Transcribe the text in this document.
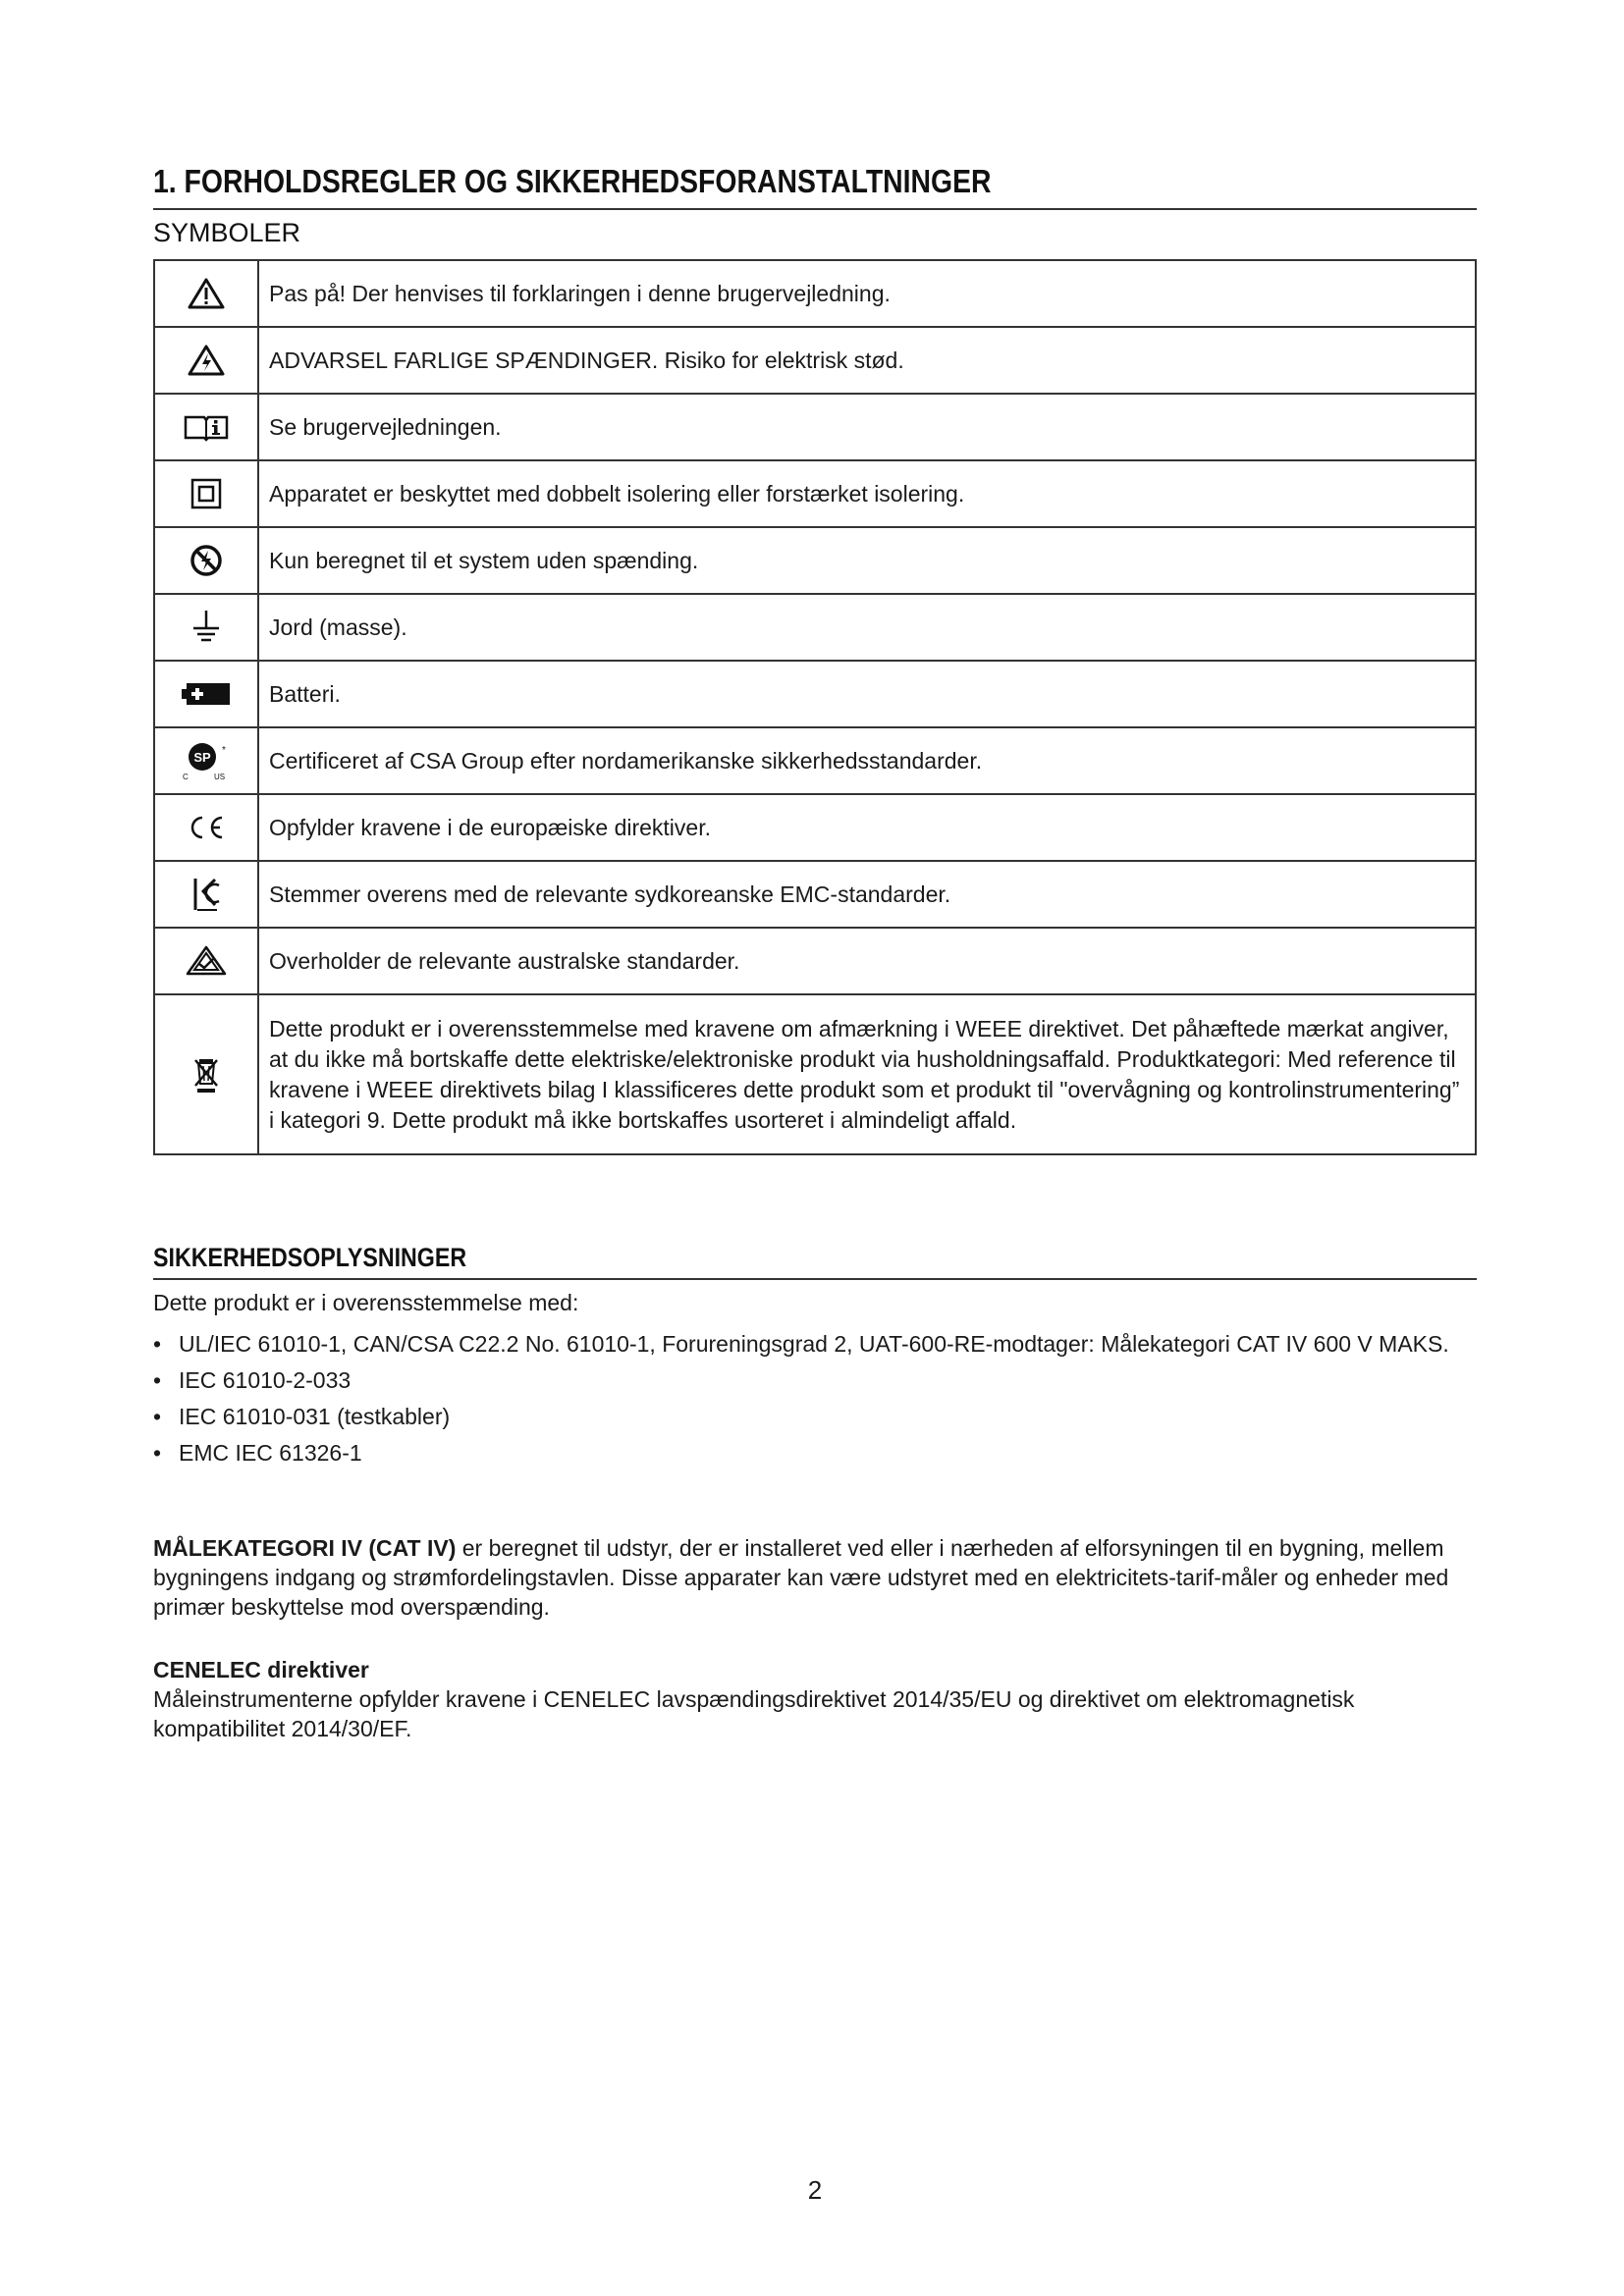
1. FORHOLDSREGLER OG SIKKERHEDSFORANSTALTNINGER
SYMBOLER
	Pas på! Der henvises til forklaringen i denne brugervejledning.
	ADVARSEL FARLIGE SPÆNDINGER. Risiko for elektrisk stød.
	Se brugervejledningen.
	Apparatet er beskyttet med dobbelt isolering eller forstærket isolering.
	Kun beregnet til et system uden spænding.
	Jord (masse).
	Batteri.

SP *
C US	Certificeret af CSA Group efter nordamerikanske sikkerhedsstandarder.
	Opfylder kravene i de europæiske direktiver.
	Stemmer overens med de relevante sydkoreanske EMC-standarder.
	Overholder de relevante australske standarder.
	Dette produkt er i overensstemmelse med kravene om afmærkning i WEEE direktivet. Det påhæftede mærkat angiver, at du ikke må bortskaffe dette elektriske/elektroniske produkt via husholdningsaffald. Produktkategori: Med reference til kravene i WEEE direktivets bilag I klassificeres dette produkt som et produkt til "overvågning og kontrolinstrumentering” i kategori 9. Dette produkt må ikke bortskaffes usorteret i almindeligt affald.
SIKKERHEDSOPLYSNINGER
Dette produkt er i overensstemmelse med:
• UL/IEC 61010-1, CAN/CSA C22.2 No. 61010-1, Forureningsgrad 2, UAT-600-RE-modtager: Målekategori CAT IV 600 V MAKS.
• IEC 61010-2-033
• IEC 61010-031 (testkabler)
• EMC IEC 61326-1
MÅLEKATEGORI IV (CAT IV) er beregnet til udstyr, der er installeret ved eller i nærheden af elforsyningen til en bygning, mellem bygningens indgang og strømfordelingstavlen. Disse apparater kan være udstyret med en elektricitets-tarif-måler og enheder med primær beskyttelse mod overspænding.
CENELEC direktiver
Måleinstrumenterne opfylder kravene i CENELEC lavspændingsdirektivet 2014/35/EU og direktivet om elektromagnetisk kompatibilitet 2014/30/EF.
2
